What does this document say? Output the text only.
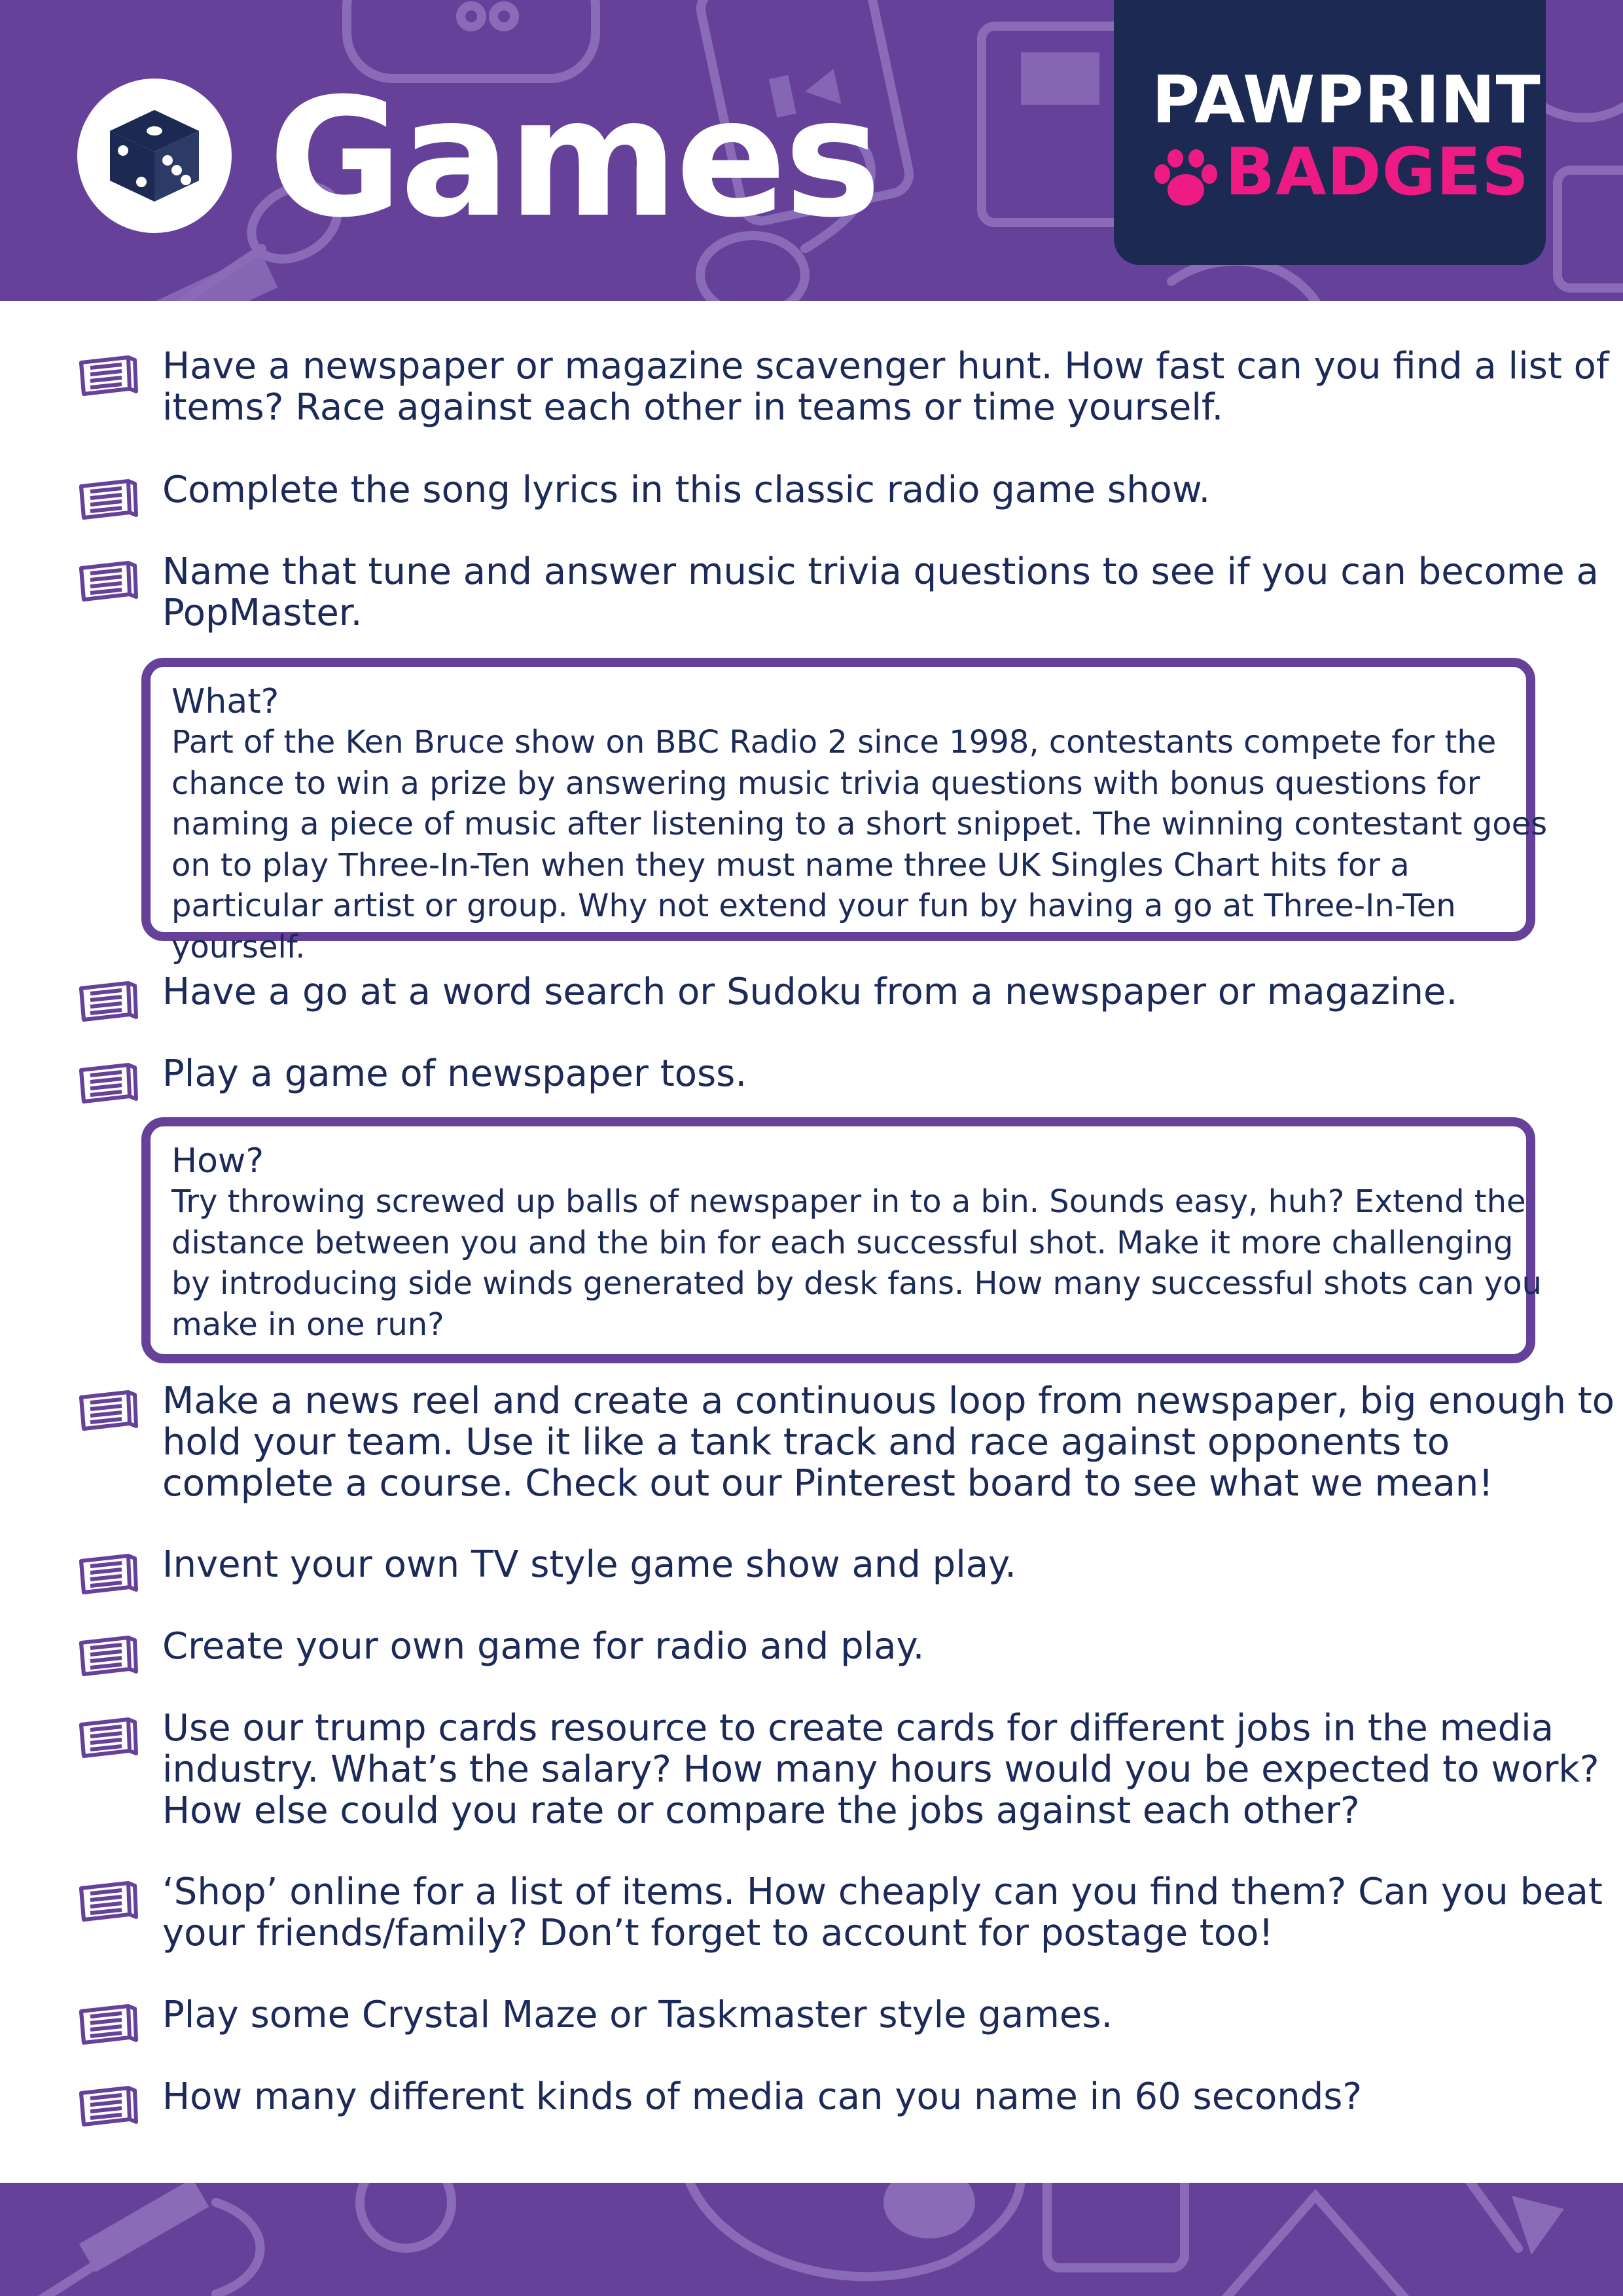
Games	PAWPRINT
BADGES
Have a newspaper or magazine scavenger hunt. How fast can you find a list of items? Race against each other in teams or time yourself.
Complete the song lyrics in this classic radio game show.
Name that tune and answer music trivia questions to see if you can become a PopMaster.
What?
Part of the Ken Bruce show on BBC Radio 2 since 1998, contestants compete for the chance to win a prize by answering music trivia questions with bonus questions for naming a piece of music after listening to a short snippet. The winning contestant goes on to play Three-In-Ten when they must name three UK Singles Chart hits for a particular artist or group. Why not extend your fun by having a go at Three-In-Ten yourself.
Have a go at a word search or Sudoku from a newspaper or magazine.
Play a game of newspaper toss.
How?
Try throwing screwed up balls of newspaper in to a bin. Sounds easy, huh? Extend the distance between you and the bin for each successful shot. Make it more challenging by introducing side winds generated by desk fans. How many successful shots can you make in one run?
Make a news reel and create a continuous loop from newspaper, big enough to hold your team. Use it like a tank track and race against opponents to complete a course. Check out our Pinterest board to see what we mean!
Invent your own TV style game show and play.
Create your own game for radio and play.
Use our trump cards resource to create cards for different jobs in the media industry. What’s the salary? How many hours would you be expected to work? How else could you rate or compare the jobs against each other?
‘Shop’ online for a list of items. How cheaply can you find them? Can you beat your friends/family? Don’t forget to account for postage too!
Play some Crystal Maze or Taskmaster style games.
How many different kinds of media can you name in 60 seconds?
